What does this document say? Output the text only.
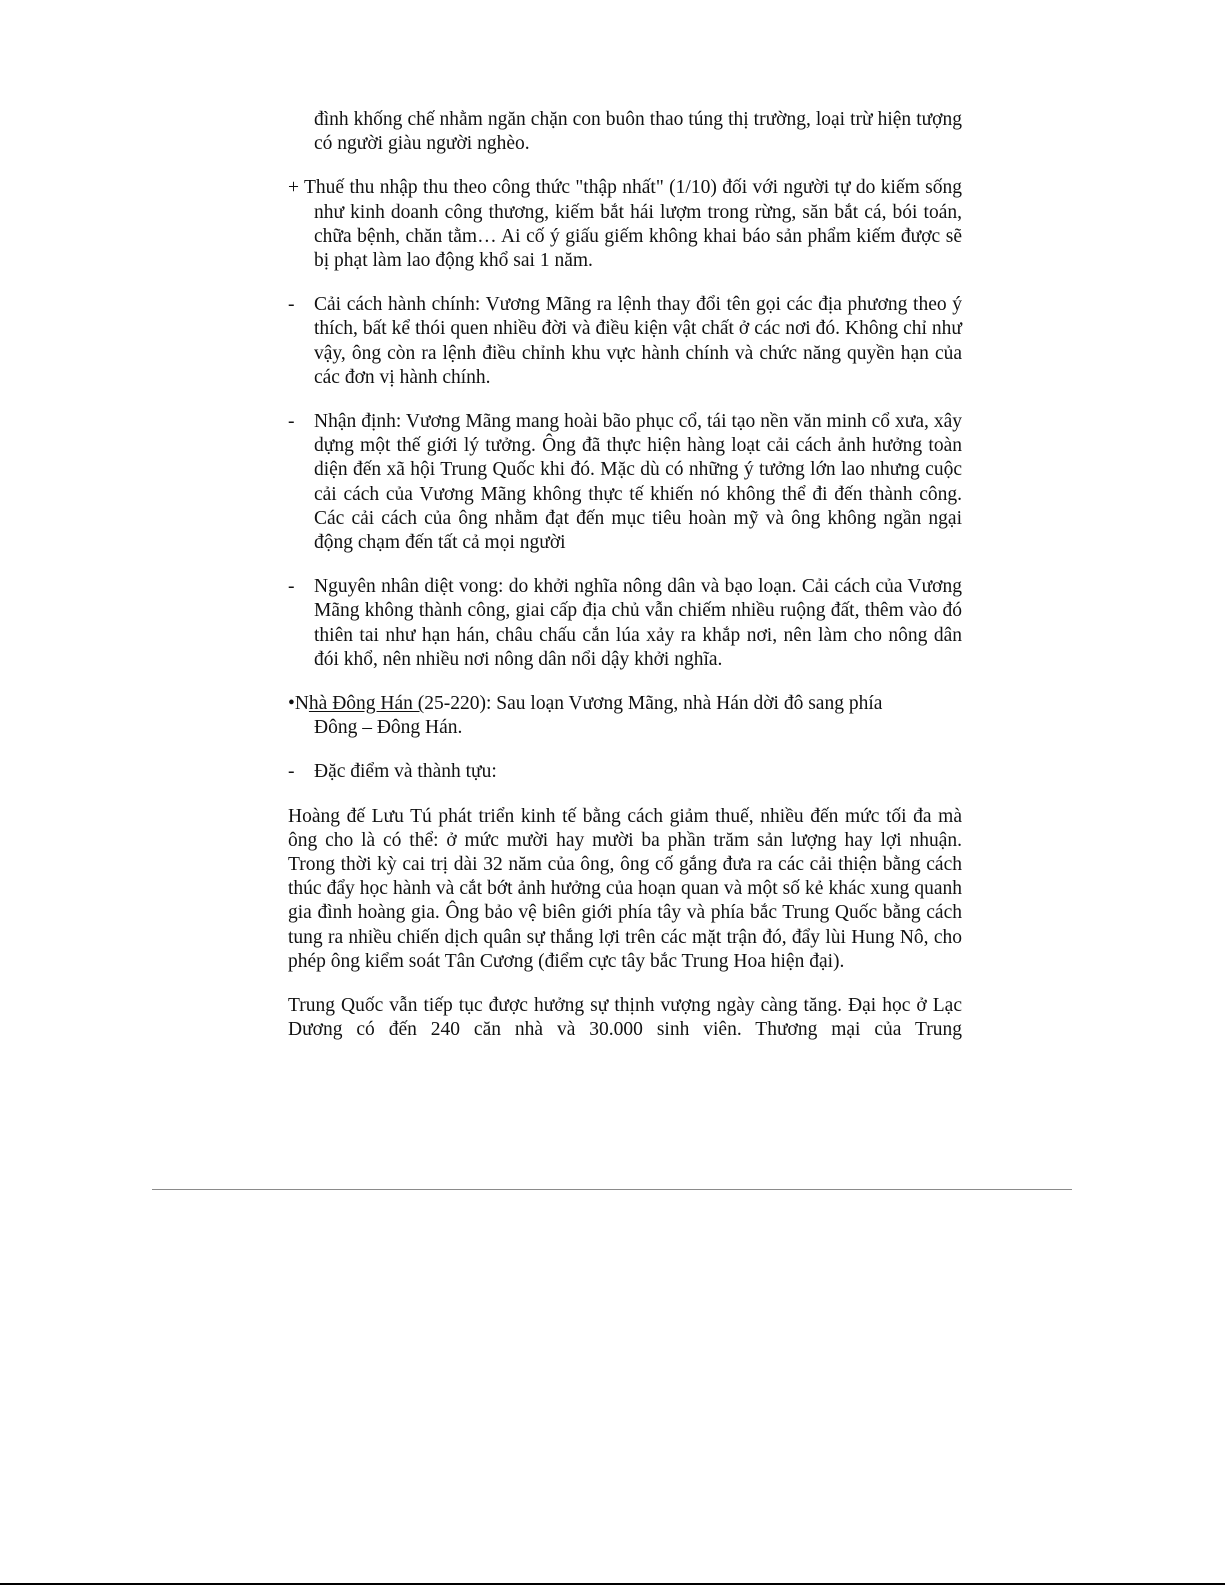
đình khống chế nhằm ngăn chặn con buôn thao túng thị trường, loại trừ hiện tượng có người giàu người nghèo.

+ Thuế thu nhập thu theo công thức "thập nhất" (1/10) đối với người tự do kiếm sống như kinh doanh công thương, kiếm bắt hái lượm trong rừng, săn bắt cá, bói toán, chữa bệnh, chăn tằm… Ai cố ý giấu giếm không khai báo sản phẩm kiếm được sẽ bị phạt làm lao động khổ sai 1 năm.

-	Cải cách hành chính: Vương Mãng ra lệnh thay đổi tên gọi các địa phương theo ý thích, bất kể thói quen nhiều đời và điều kiện vật chất ở các nơi đó. Không chỉ như vậy, ông còn ra lệnh điều chỉnh khu vực hành chính và chức năng quyền hạn của các đơn vị hành chính.
-	Nhận định: Vương Mãng mang hoài bão phục cổ, tái tạo nền văn minh cổ xưa, xây dựng một thế giới lý tưởng. Ông đã thực hiện hàng loạt cải cách ảnh hưởng toàn diện đến xã hội Trung Quốc khi đó. Mặc dù có những ý tưởng lớn lao nhưng cuộc cải cách của Vương Mãng không thực tế khiến nó không thể đi đến thành công. Các cải cách của ông nhằm đạt đến mục tiêu hoàn mỹ và ông không ngần ngại động chạm đến tất cả mọi người
-	Nguyên nhân diệt vong: do khởi nghĩa nông dân và bạo loạn. Cải cách của Vương Mãng không thành công, giai cấp địa chủ vẫn chiếm nhiều ruộng đất, thêm vào đó thiên tai như hạn hán, châu chấu cắn lúa xảy ra khắp nơi, nên làm cho nông dân đói khổ, nên nhiều nơi nông dân nổi dậy khởi nghĩa.
•Nhà Đông Hán (25-220): Sau loạn Vương Mãng, nhà Hán dời đô sang phía
Đông – Đông Hán.
-	Đặc điểm và thành tựu:

Hoàng đế Lưu Tú phát triển kinh tế bằng cách giảm thuế, nhiều đến mức tối đa mà ông cho là có thể: ở mức mười hay mười ba phần trăm sản lượng hay lợi nhuận. Trong thời kỳ cai trị dài 32 năm của ông, ông cố gắng đưa ra các cải thiện bằng cách thúc đẩy học hành và cắt bớt ảnh hưởng của hoạn quan và một số kẻ khác xung quanh gia đình hoàng gia. Ông bảo vệ biên giới phía tây và phía bắc Trung Quốc bằng cách tung ra nhiều chiến dịch quân sự thắng lợi trên các mặt trận đó, đẩy lùi Hung Nô, cho phép ông kiểm soát Tân Cương (điểm cực tây bắc Trung Hoa hiện đại).

Trung Quốc vẫn tiếp tục được hưởng sự thịnh vượng ngày càng tăng. Đại học ở Lạc Dương có đến 240 căn nhà và 30.000 sinh viên. Thương mại của Trung
